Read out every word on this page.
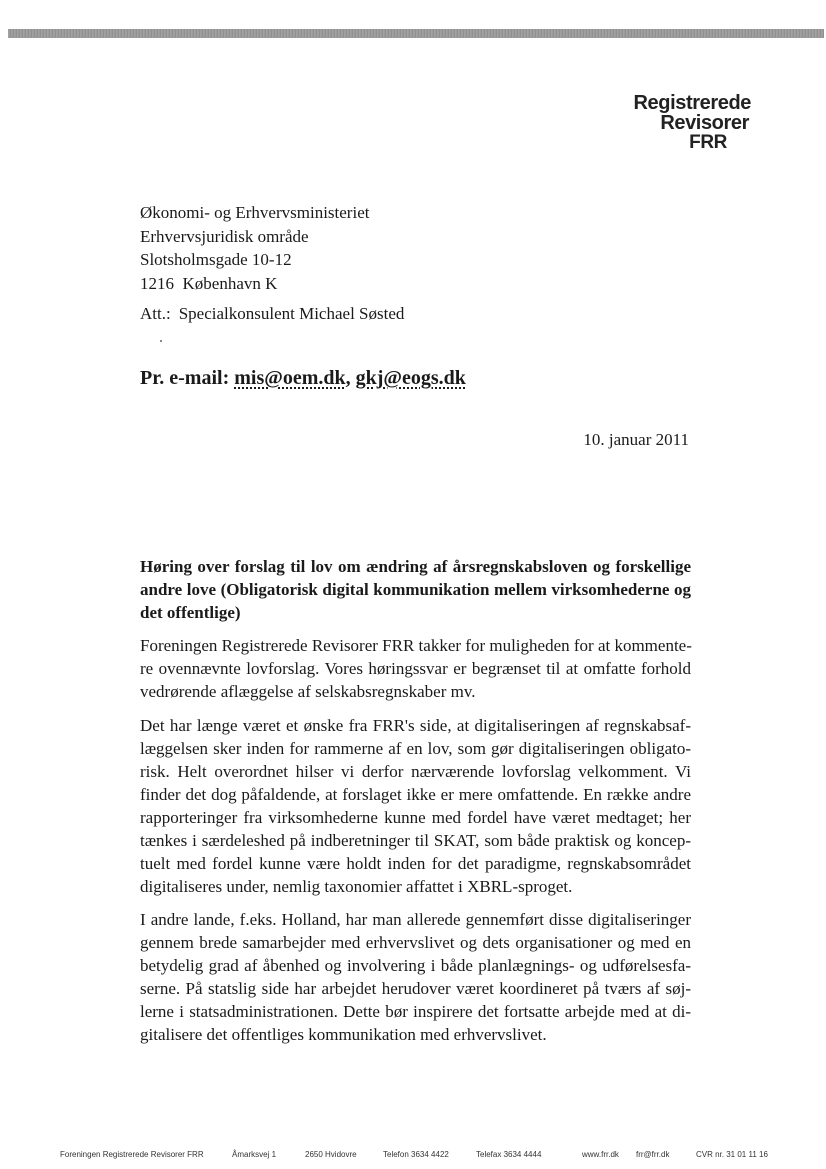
Registrerede
Revisorer
FRR
Økonomi- og Erhvervsministeriet
Erhvervsjuridisk område
Slotsholmsgade 10-12
1216  København K
Att.: Specialkonsulent Michael Søsted
Pr. e-mail: mis@oem.dk, gkj@eogs.dk
10. januar 2011
Høring over forslag til lov om ændring af årsregnskabsloven og forskellige andre love (Obligatorisk digital kommunikation mellem virksomhederne og det offentlige)
Foreningen Registrerede Revisorer FRR takker for muligheden for at kommente-
re ovennævnte lovforslag. Vores høringssvar er begrænset til at omfatte forhold
vedrørende aflæggelse af selskabsregnskaber mv.
Det har længe været et ønske fra FRR's side, at digitaliseringen af regnskabsaf-
læggelsen sker inden for rammerne af en lov, som gør digitaliseringen obligato-
risk. Helt overordnet hilser vi derfor nærværende lovforslag velkomment. Vi
finder det dog påfaldende, at forslaget ikke er mere omfattende. En række andre
rapporteringer fra virksomhederne kunne med fordel have været medtaget; her
tænkes i særdeleshed på indberetninger til SKAT, som både praktisk og koncep-
tuelt med fordel kunne være holdt inden for det paradigme, regnskabsområdet
digitaliseres under, nemlig taxonomier affattet i XBRL-sproget.
I andre lande, f.eks. Holland, har man allerede gennemført disse digitaliseringer
gennem brede samarbejder med erhvervslivet og dets organisationer og med en
betydelig grad af åbenhed og involvering i både planlægnings- og udførelsesfa-
serne. På statslig side har arbejdet herudover været koordineret på tværs af søj-
lerne i statsadministrationen. Dette bør inspirere det fortsatte arbejde med at di-
gitalisere det offentliges kommunikation med erhvervslivet.
Foreningen Registrerede Revisorer FRR	Åmarksvej 1	2650 Hvidovre	Telefon 3634 4422	Telefax 3634 4444	www.frr.dk frr@frr.dk	CVR nr. 31 01 11 16
